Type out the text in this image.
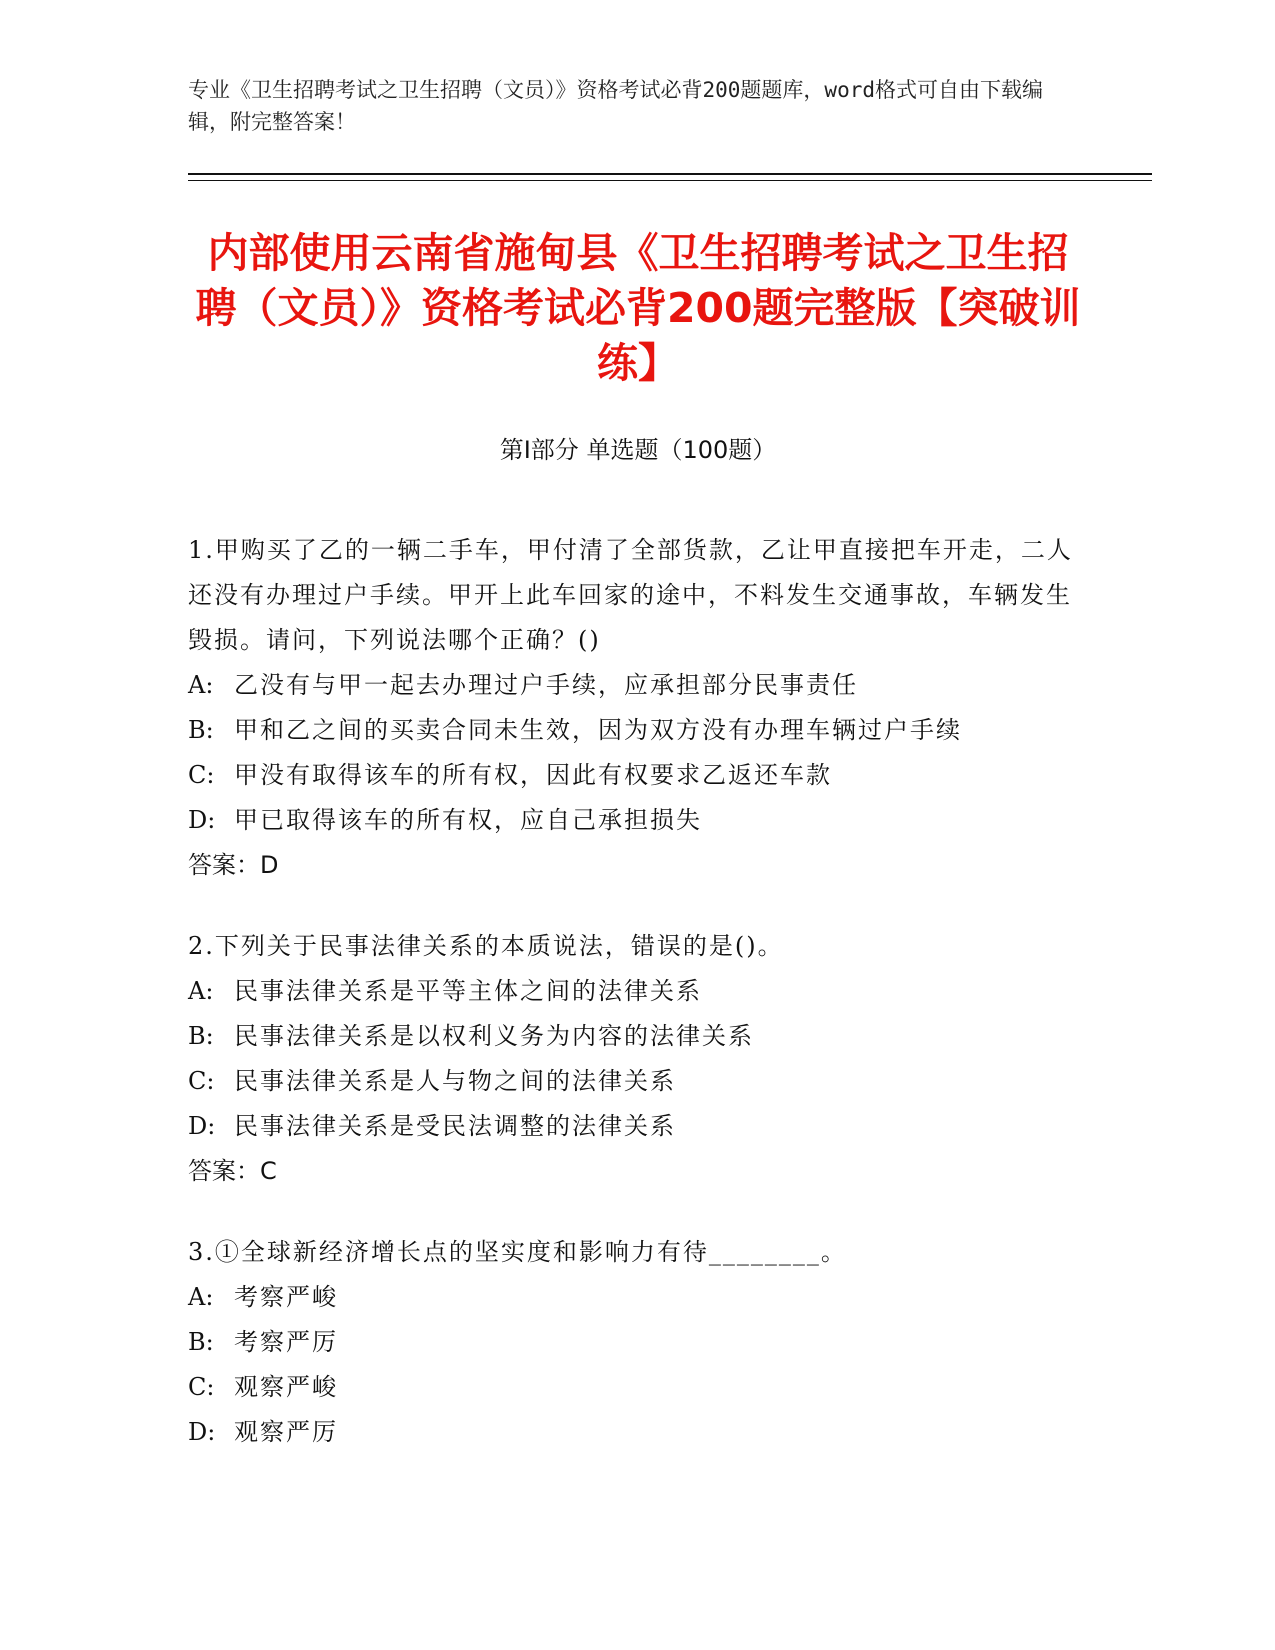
专业《卫生招聘考试之卫生招聘（文员）》资格考试必背200题题库，word格式可自由下载编辑，附完整答案！
内部使用云南省施甸县《卫生招聘考试之卫生招聘（文员）》资格考试必背200题完整版【突破训练】
第Ⅰ部分 单选题（100题）

1.甲购买了乙的一辆二手车，甲付清了全部货款，乙让甲直接把车开走，二人还没有办理过户手续。甲开上此车回家的途中，不料发生交通事故，车辆发生毁损。请问，下列说法哪个正确？()

A: 乙没有与甲一起去办理过户手续，应承担部分民事责任
B: 甲和乙之间的买卖合同未生效，因为双方没有办理车辆过户手续
C: 甲没有取得该车的所有权，因此有权要求乙返还车款
D: 甲已取得该车的所有权，应自己承担损失

答案：D

2.下列关于民事法律关系的本质说法，错误的是()。

A: 民事法律关系是平等主体之间的法律关系
B: 民事法律关系是以权利义务为内容的法律关系
C: 民事法律关系是人与物之间的法律关系
D: 民事法律关系是受民法调整的法律关系

答案：C

3.①全球新经济增长点的坚实度和影响力有待________。

A: 考察严峻
B: 考察严厉
C: 观察严峻
D: 观察严厉
